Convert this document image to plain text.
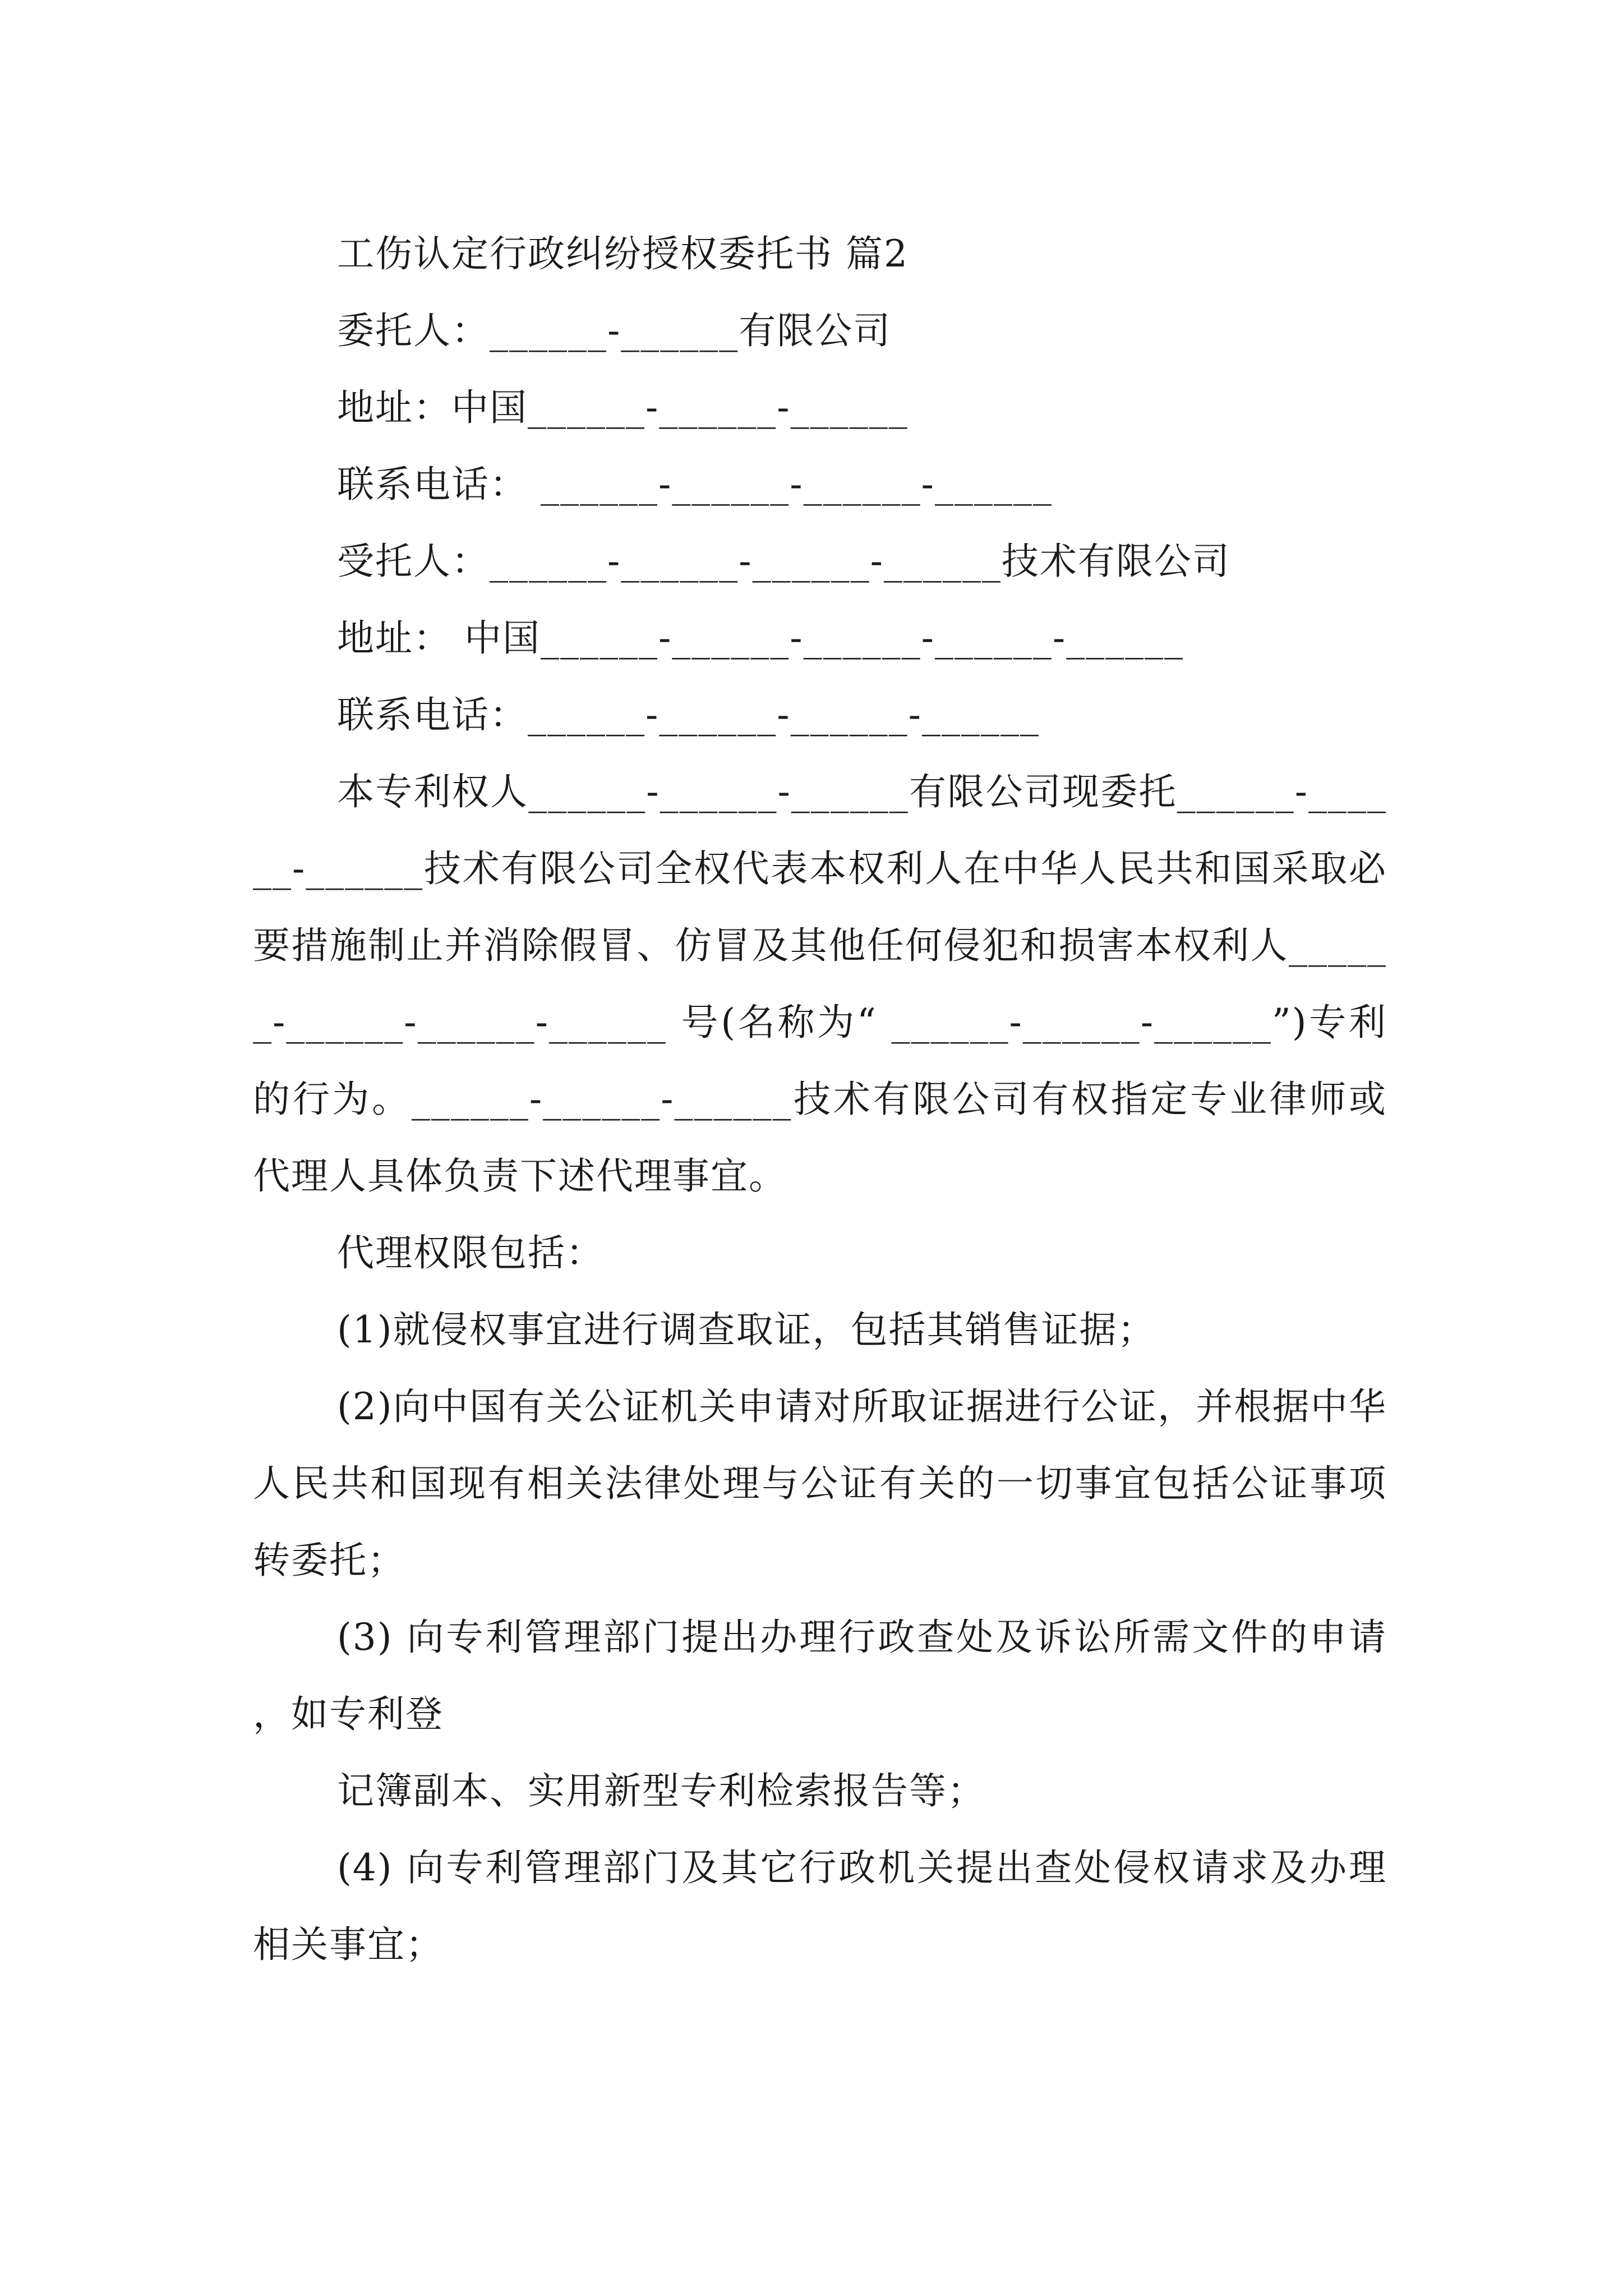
工伤认定行政纠纷授权委托书 篇2
委托人：______-______有限公司
地址：中国______-______-______
联系电话： ______-______-______-______
受托人：______-______-______-______技术有限公司
地址： 中国______-______-______-______-______
联系电话：______-______-______-______
本专利权人______-______-______有限公司现委托______-______-______技术有限公司全权代表本权利人在中华人民共和国采取必要措施制止并消除假冒、仿冒及其他任何侵犯和损害本权利人______-______-______-______ 号(名称为“ ______-______-______”)专利的行为。______-______-______技术有限公司有权指定专业律师或代理人具体负责下述代理事宜。
代理权限包括：
(1)就侵权事宜进行调查取证，包括其销售证据；
(2)向中国有关公证机关申请对所取证据进行公证，并根据中华人民共和国现有相关法律处理与公证有关的一切事宜包括公证事项转委托；
(3) 向专利管理部门提出办理行政查处及诉讼所需文件的申请，如专利登
记簿副本、实用新型专利检索报告等；
(4) 向专利管理部门及其它行政机关提出查处侵权请求及办理相关事宜；
